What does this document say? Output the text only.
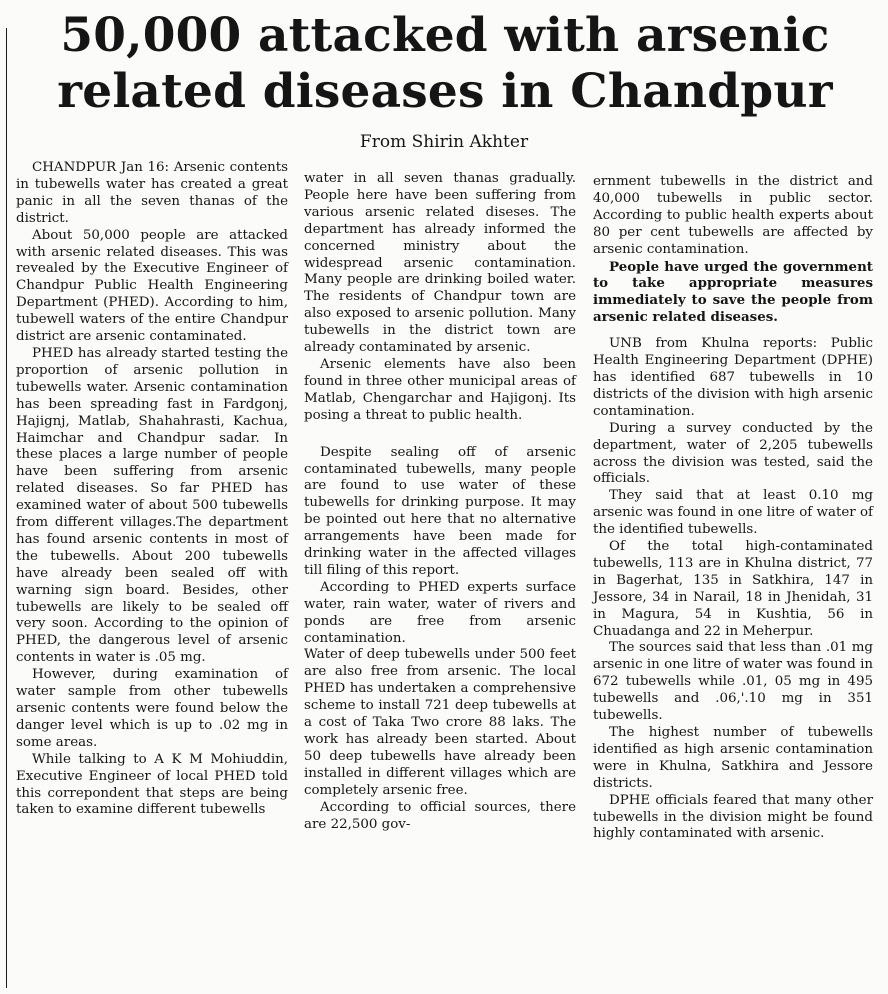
50,000 attacked with arsenic related diseases in Chandpur
From Shirin Akhter

CHANDPUR Jan 16: Arsenic contents in tubewells water has created a great panic in all the seven thanas of the district.

About 50,000 people are attacked with arsenic related diseases. This was revealed by the Executive Engineer of Chandpur Public Health Engineering Department (PHED). According to him, tubewell waters of the entire Chandpur district are arsenic contaminated.

PHED has already started testing the proportion of arsenic pollution in tubewells water. Arsenic contamination has been spreading fast in Fardgonj, Hajignj, Matlab, Shahahrasti, Kachua, Haimchar and Chandpur sadar. In these places a large number of people have been suffering from arsenic related diseases. So far PHED has examined water of about 500 tubewells from different villages.The department has found arsenic contents in most of the tubewells. About 200 tubewells have already been sealed off with warning sign board. Besides, other tubewells are likely to be sealed off very soon. According to the opinion of PHED, the dangerous level of arsenic contents in water is .05 mg.

However, during examination of water sample from other tubewells arsenic contents were found below the danger level which is up to .02 mg in some areas.

While talking to A K M Mohiuddin, Executive Engineer of local PHED told this correpondent that steps are being taken to examine different tubewells

water in all seven thanas gradually. People here have been suffering from various arsenic related diseses. The department has already informed the concerned ministry about the widespread arsenic contamination. Many people are drinking boiled water. The residents of Chandpur town are also exposed to arsenic pollution. Many tubewells in the district town are already contaminated by arsenic.

Arsenic elements have also been found in three other municipal areas of Matlab, Chengarchar and Hajigonj. Its posing a threat to public health.

Despite sealing off of arsenic contaminated tubewells, many people are found to use water of these tubewells for drinking purpose. It may be pointed out here that no alternative arrangements have been made for drinking water in the affected villages till filing of this report.

According to PHED experts surface water, rain water, water of rivers and ponds are free from arsenic contamination.

Water of deep tubewells under 500 feet are also free from arsenic. The local PHED has undertaken a comprehensive scheme to install 721 deep tubewells at a cost of Taka Two crore 88 laks. The work has already been started. About 50 deep tubewells have already been installed in different villages which are completely arsenic free.

According to official sources, there are 22,500 gov-

ernment tubewells in the district and 40,000 tubewells in public sector. According to public health experts about 80 per cent tubewells are affected by arsenic contamination.

People have urged the government to take appropriate measures immediately to save the people from arsenic related diseases.

UNB from Khulna reports: Public Health Engineering Department (DPHE) has identified 687 tubewells in 10 districts of the division with high arsenic contamination.

During a survey conducted by the department, water of 2,205 tubewells across the division was tested, said the officials.

They said that at least 0.10 mg arsenic was found in one litre of water of the identified tubewells.

Of the total high-contaminated tubewells, 113 are in Khulna district, 77 in Bagerhat, 135 in Satkhira, 147 in Jessore, 34 in Narail, 18 in Jhenidah, 31 in Magura, 54 in Kushtia, 56 in Chuadanga and 22 in Meherpur.

The sources said that less than .01 mg arsenic in one litre of water was found in 672 tubewells while .01, 05 mg in 495 tubewells and .06,'.10 mg in 351 tubewells.

The highest number of tubewells identified as high arsenic contamination were in Khulna, Satkhira and Jessore districts.

DPHE officials feared that many other tubewells in the division might be found highly contaminated with arsenic.
